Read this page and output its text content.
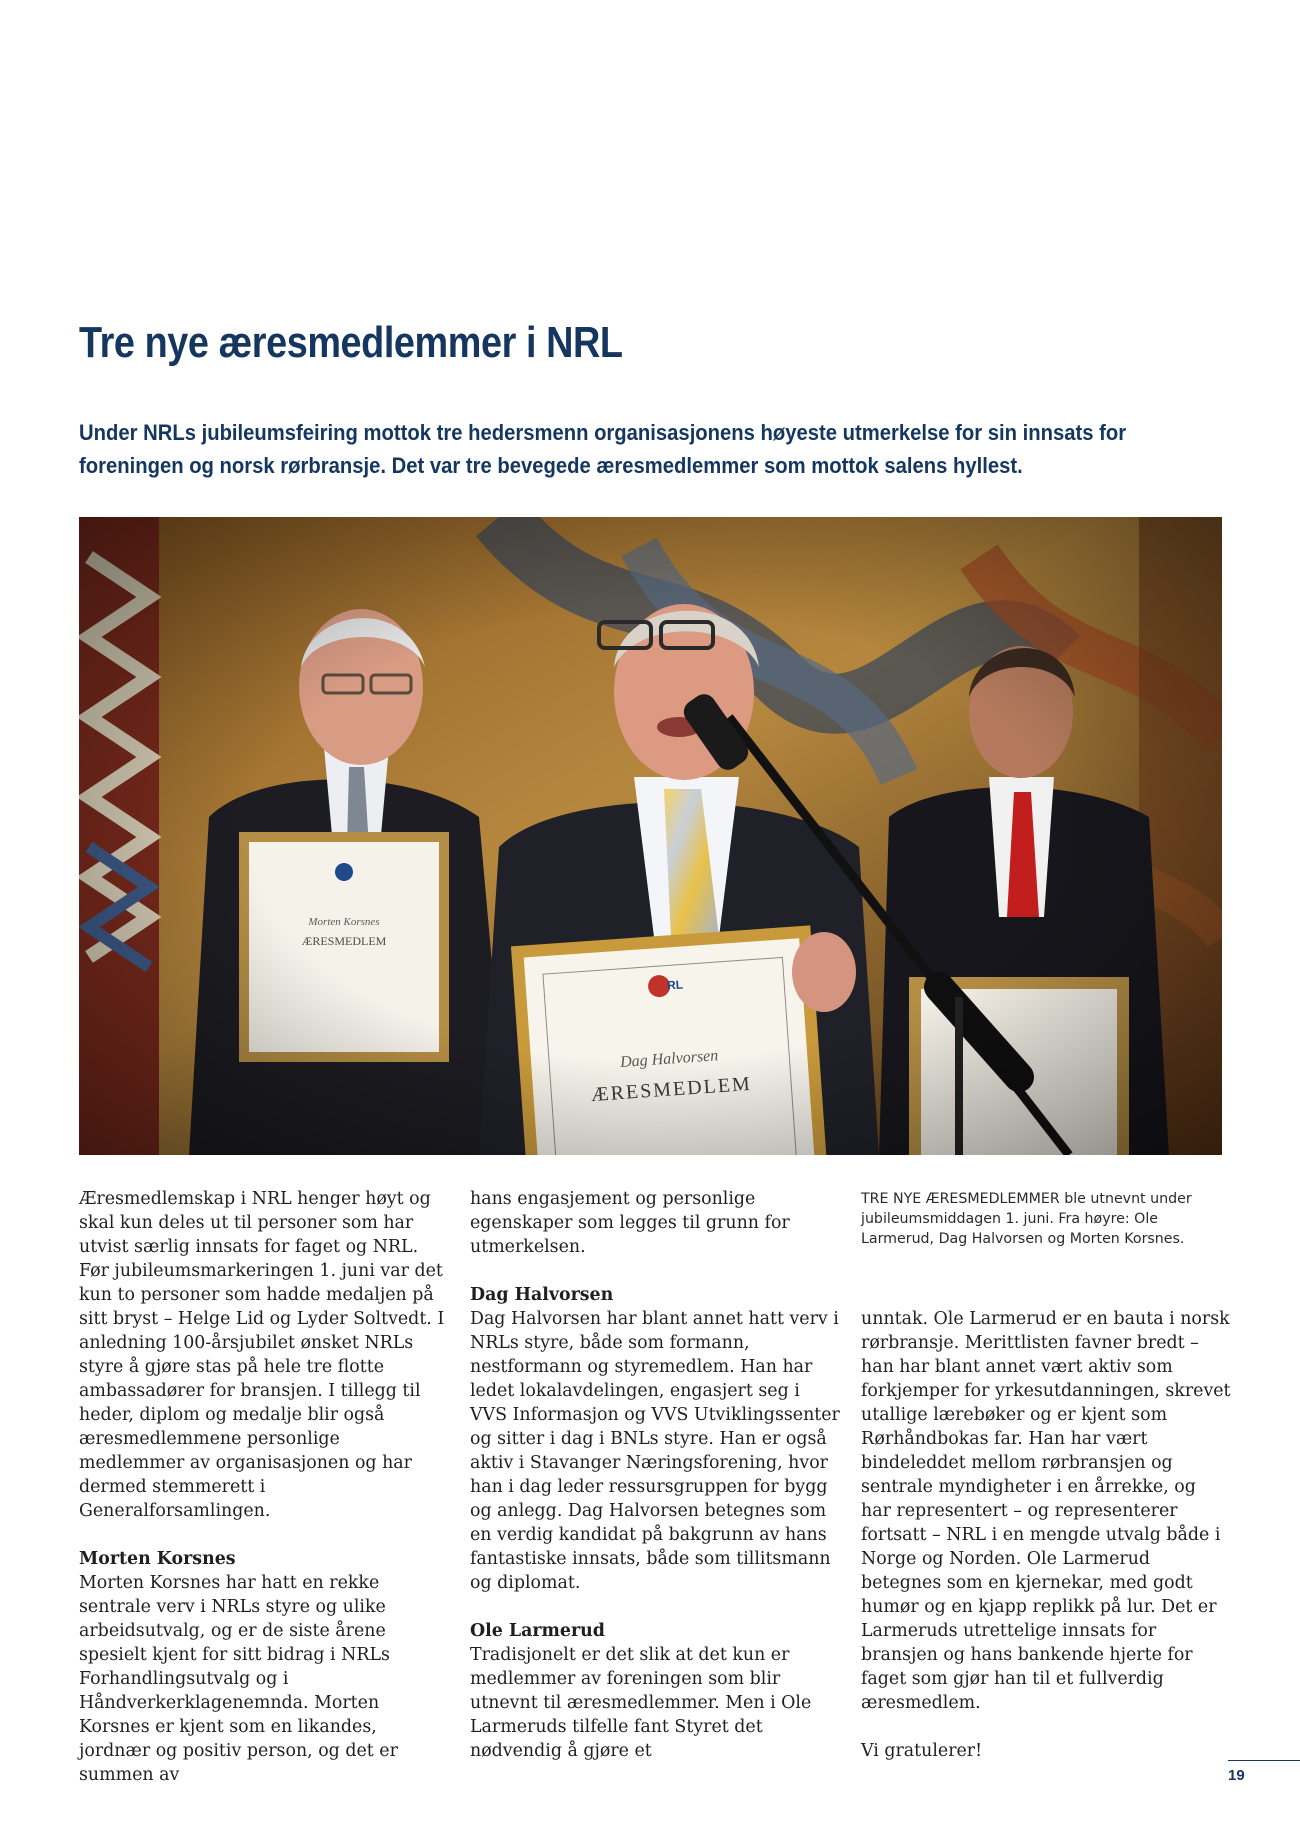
Tre nye æresmedlemmer i NRL

Under NRLs jubileumsfeiring mottok tre hedersmenn organisasjonens høyeste utmerkelse for sin innsats for foreningen og norsk rørbransje. Det var tre bevegede æresmedlemmer som mottok salens hyllest.

TRE NYE ÆRESMEDLEMMER ble utnevnt under jubileumsmiddagen 1. juni. Fra høyre: Ole Larmerud, Dag Halvorsen og Morten Korsnes.

Æresmedlemskap i NRL henger høyt og skal kun deles ut til personer som har utvist særlig innsats for faget og NRL. Før jubileumsmarkeringen 1. juni var det kun to personer som hadde medaljen på sitt bryst – Helge Lid og Lyder Soltvedt. I anledning 100-årsjubilet ønsket NRLs styre å gjøre stas på hele tre flotte ambassadører for bransjen. I tillegg til heder, diplom og medalje blir også æresmedlemmene personlige medlemmer av organisasjonen og har dermed stemmerett i Generalforsamlingen.

Morten Korsnes

Morten Korsnes har hatt en rekke sentrale verv i NRLs styre og ulike arbeidsutvalg, og er de siste årene spesielt kjent for sitt bidrag i NRLs Forhandlingsutvalg og i Håndverkerklagenemnda. Morten Korsnes er kjent som en likandes, jordnær og positiv person, og det er summen av

hans engasjement og personlige egenskaper som legges til grunn for utmerkelsen.

Dag Halvorsen

Dag Halvorsen har blant annet hatt verv i NRLs styre, både som formann, nestformann og styremedlem. Han har ledet lokalavdelingen, engasjert seg i VVS Informasjon og VVS Utviklingssenter og sitter i dag i BNLs styre. Han er også aktiv i Stavanger Næringsforening, hvor han i dag leder ressursgruppen for bygg og anlegg. Dag Halvorsen betegnes som en verdig kandidat på bakgrunn av hans fantastiske innsats, både som tillitsmann og diplomat.

Ole Larmerud

Tradisjonelt er det slik at det kun er medlemmer av foreningen som blir utnevnt til æresmedlemmer. Men i Ole Larmeruds tilfelle fant Styret det nødvendig å gjøre et

unntak. Ole Larmerud er en bauta i norsk rørbransje. Merittlisten favner bredt – han har blant annet vært aktiv som forkjemper for yrkesutdanningen, skrevet utallige lærebøker og er kjent som Rørhåndbokas far. Han har vært bindeleddet mellom rørbransjen og sentrale myndigheter i en årrekke, og har representert – og representerer fortsatt – NRL i en mengde utvalg både i Norge og Norden. Ole Larmerud betegnes som en kjernekar, med godt humør og en kjapp replikk på lur. Det er Larmeruds utrettelige innsats for bransjen og hans bankende hjerte for faget som gjør han til et fullverdig æresmedlem.

Vi gratulerer!

19
